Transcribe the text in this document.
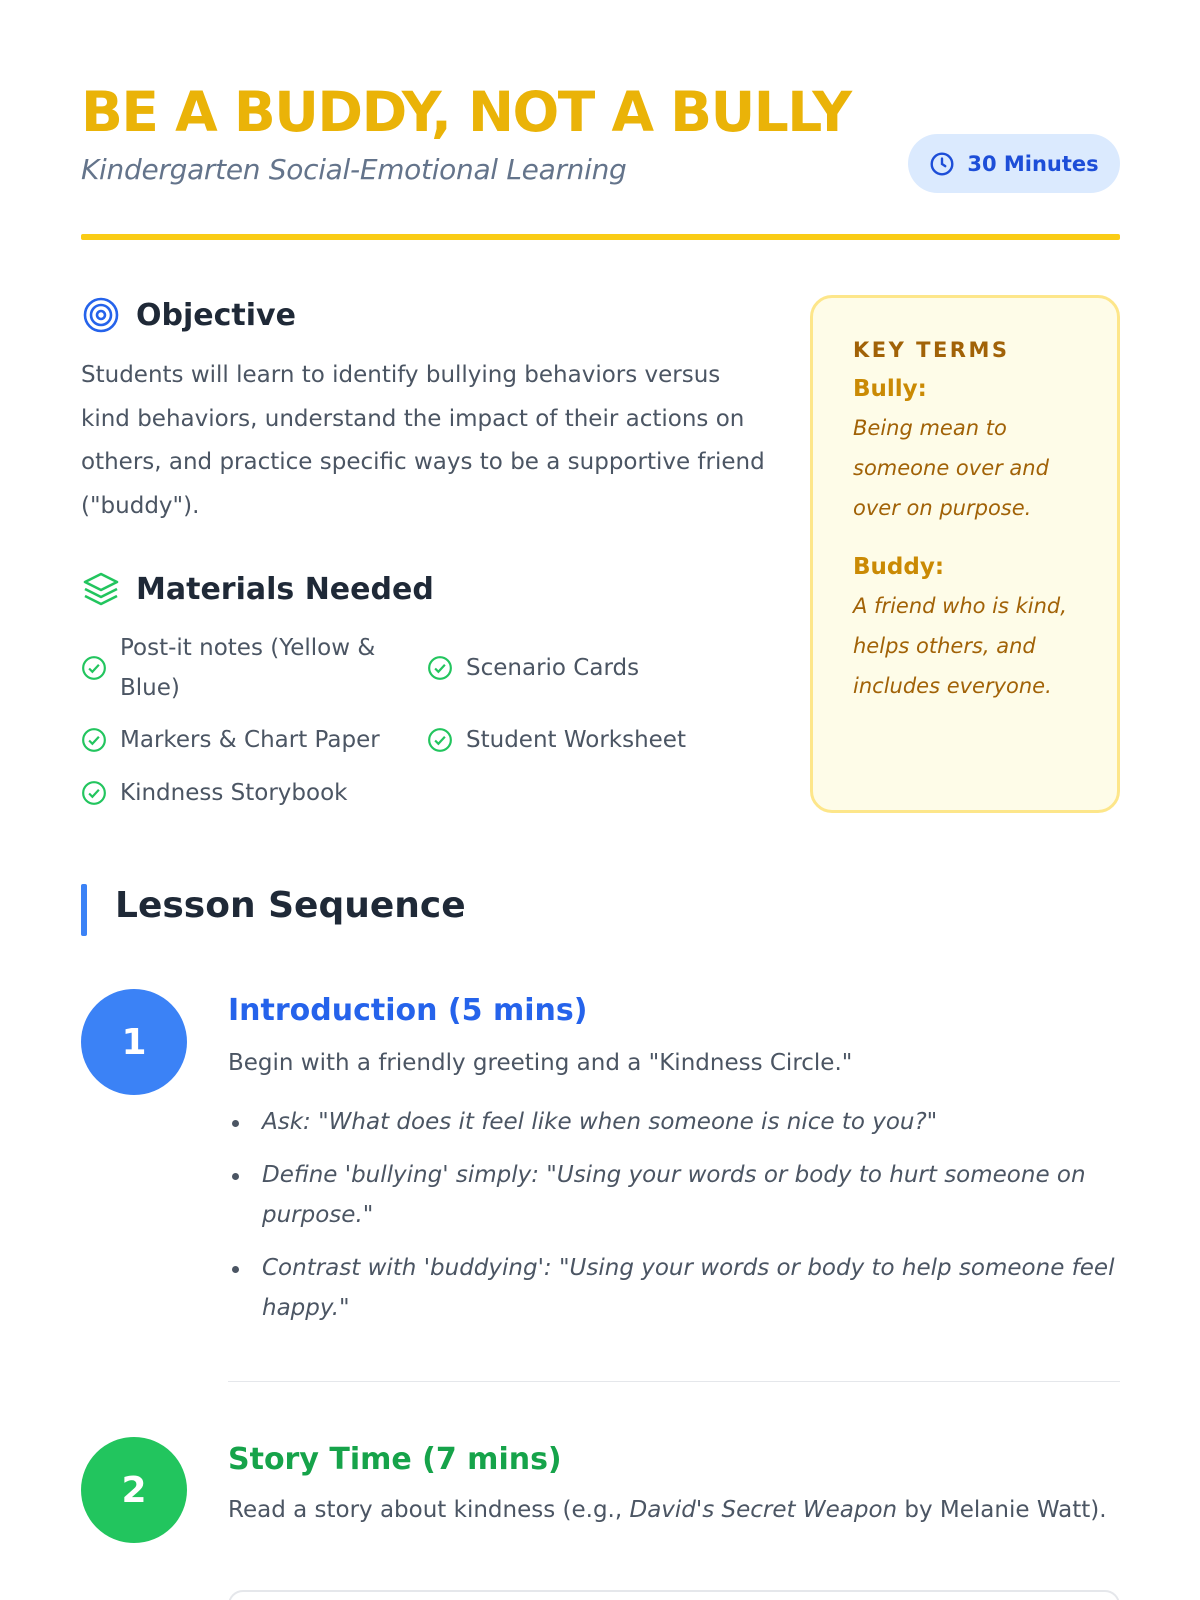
BE A BUDDY, NOT A BULLY
Kindergarten Social-Emotional Learning	30 Minutes
Objective

Students will learn to identify bullying behaviors versus kind behaviors, understand the impact of their actions on others, and practice specific ways to be a supportive friend ("buddy").

Materials Needed
Post-it notes (Yellow & Blue)
Scenario Cards
Markers & Chart Paper	Student Worksheet
Kindness Storybook
KEY TERMS
Bully:
Being mean to someone over and over on purpose.
Buddy:
A friend who is kind, helps others, and includes everyone.
Lesson Sequence
1
Introduction (5 mins)

Begin with a friendly greeting and a "Kindness Circle."

Ask: "What does it feel like when someone is nice to you?"
Define 'bullying' simply: "Using your words or body to hurt someone on purpose."
Contrast with 'buddying': "Using your words or body to help someone feel happy."
2
Story Time (7 mins)

Read a story about kindness (e.g., David's Secret Weapon by Melanie Watt).
